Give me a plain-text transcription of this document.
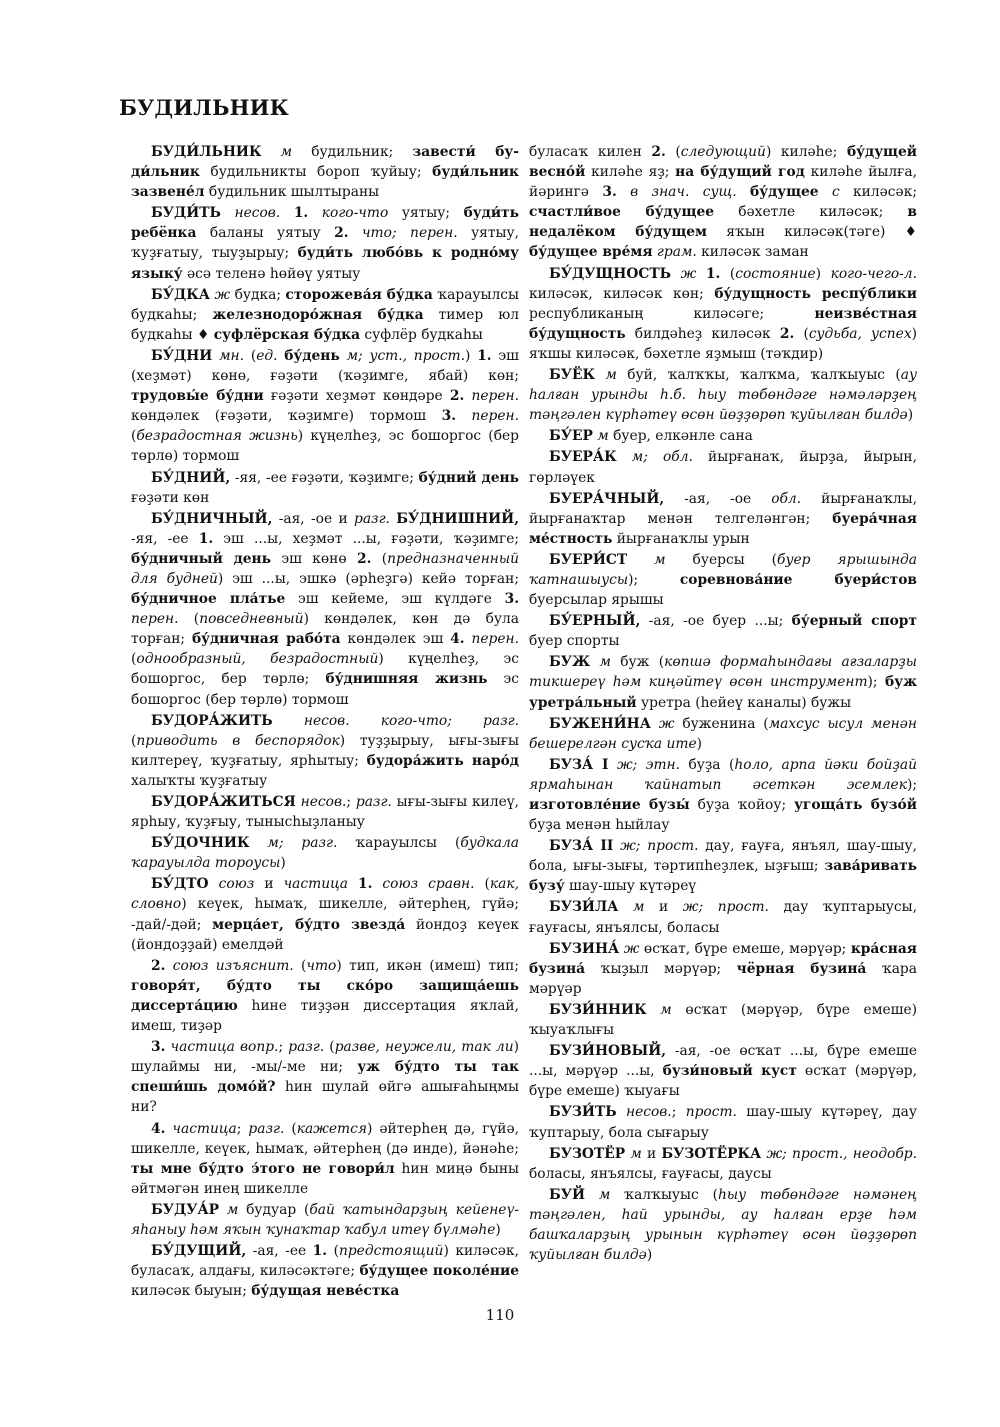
БУДИЛЬНИК

БУДИ́ЛЬНИК м будильник; завести́ буди́льник будильникты бороп ҡуйыу; буди́льник зазвене́л будильник шылтыраны

БУДИ́ТЬ несов. 1. кого-что уятыу; буди́ть ребёнка баланы уятыу 2. что; перен. уятыу, ҡуҙғатыу, тыуҙырыу; буди́ть любо́вь к родно́му языку́ әсә теленә һөйөү уятыу

БУ́ДКА ж будка; сторожева́я бу́дка ҡарауылсы будкаһы; железнодоро́жная бу́дка тимер юл будкаһы ♦ суфлёрская бу́дка суфлёр будкаһы

БУ́ДНИ мн. (ед. бу́день м; уст., прост.) 1. эш (хеҙмәт) көнө, ғәҙәти (ҡәҙимге, ябай) көн; трудовы́е бу́дни ғәҙәти хеҙмәт көндәре 2. перен. көндәлек (ғәҙәти, ҡәҙимге) тормош 3. перен. (безрадостная жизнь) күңелһеҙ, эс бошоргос (бер төрлө) тормош

БУ́ДНИЙ, -яя, -ее ғәҙәти, ҡәҙимге; бу́дний день ғәҙәти көн

БУ́ДНИЧНЫЙ, -ая, -ое и разг. БУ́ДНИШНИЙ, -яя, -ее 1. эш ...ы, хеҙмәт ...ы, ғәҙәти, ҡәҙимге; бу́дничный день эш көнө 2. (предназначенный для будней) эш ...ы, эшкә (әрһеҙгә) кейә торған; бу́дничное пла́тье эш кейеме, эш күлдәге 3. перен. (повседневный) көндәлек, көн дә була торған; бу́дничная рабо́та көндәлек эш 4. перен. (однообразный, безрадостный) күңелһеҙ, эс бошоргос, бер төрлө; бу́днишняя жизнь эс бошоргос (бер төрлө) тормош

БУДОРА́ЖИТЬ несов. кого-что; разг. (приводить в беспорядок) туҙҙырыу, ығы-зығы килтереү, ҡуҙғатыу, ярһытыу; будора́жить наро́д халыҡты ҡуҙғатыу

БУДОРА́ЖИТЬСЯ несов.; разг. ығы-зығы килеү, ярһыу, ҡуҙғыу, тынысһыҙланыу

БУ́ДОЧНИК м; разг. ҡарауылсы (будкала ҡарауылда тороусы)

БУ́ДТО союз и частица 1. союз сравн. (как, словно) кеүек, һымаҡ, шикелле, әйтерһең, гүйә; -дай/-дәй; мерца́ет, бу́дто звезда́ йондоҙ кеүек (йондоҙҙай) емелдәй

2. союз изъяснит. (что) тип, икән (имеш) тип; говоря́т, бу́дто ты ско́ро защища́ешь диссерта́цию һине тиҙҙән диссертация яҡлай, имеш, тиҙәр

3. частица вопр.; разг. (разве, неужели, так ли) шулаймы ни, -мы/-ме ни; уж бу́дто ты так спеши́шь домо́й? һин шулай өйгә ашығаһыңмы ни?

4. частица; разг. (кажется) әйтерһең дә, гүйә, шикелле, кеүек, һымаҡ, әйтерһең (дә инде), йәнәһе; ты мне бу́дто э́того не говори́л һин миңә быны әйтмәгән инең шикелле

БУДУА́Р м будуар (бай ҡатындарҙың кейенеү-яһаныу һәм яҡын ҡунаҡтар ҡабул итеү бүлмәһе)

БУ́ДУЩИЙ, -ая, -ее 1. (предстоящий) киләсәк, буласаҡ, алдағы, киләсәктәге; бу́дущее поколе́ние киләсәк быуын; бу́дущая неве́стка

буласаҡ килен 2. (следующий) киләһе; бу́дущей весно́й киләһе яҙ; на бу́дущий год киләһе йылға, йәрингә 3. в знач. сущ. бу́дущее с киләсәк; счастли́вое бу́дущее бәхетле киләсәк; в недалёком бу́дущем яҡын киләсәк(тәге) ♦ бу́дущее вре́мя грам. киләсәк заман

БУ́ДУЩНОСТЬ ж 1. (состояние) кого-чего-л. киләсәк, киләсәк көн; бу́дущность респу́блики республиканың киләсәге; неизве́стная бу́дущность билдәһеҙ киләсәк 2. (судьба, успех) яҡшы киләсәк, бәхетле яҙмыш (тәҡдир)

БУЁК м буй, ҡалҡҡы, ҡалҡма, ҡалҡыуыс (ау һалған урынды һ.б. һыу төбөндәге нәмәләрҙең тәңгәлен күрһәтеү өсөн йөҙҙөрөп ҡуйылған билдә)

БУ́ЕР м буер, елкәнле сана

БУЕРА́К м; обл. йырғанаҡ, йырҙа, йырын, гөрләүек

БУЕРА́ЧНЫЙ, -ая, -ое обл. йырғанаҡлы, йырғанаҡтар менән телгеләнгән; буера́чная ме́стность йырғанаҡлы урын

БУЕРИ́СТ м буерсы (буер ярышында ҡатнашыусы); соревнова́ние буери́стов буерсылар ярышы

БУ́ЕРНЫЙ, -ая, -ое буер ...ы; бу́ерный спорт буер спорты

БУЖ м буж (көпшә формаһындағы ағзаларҙы тикшереү һәм киңәйтеү өсөн инструмент); буж уретра́льный уретра (һейеү каналы) бужы

БУЖЕНИ́НА ж буженина (махсус ысул менән бешерелгән сусҡа ите)

БУЗА́ I ж; этн. буҙа (һоло, арпа йәки бойҙай ярмаһынан ҡайнатып әсеткән эсемлек); изготовле́ние бузы́ буҙа ҡойоу; угоща́ть бузо́й буҙа менән һыйлау

БУЗА́ II ж; прост. дау, ғауға, янъял, шау-шыу, бола, ығы-зығы, тәртипһеҙлек, ыҙғыш; зава́ривать бузу́ шау-шыу күтәреү

БУЗИ́ЛА м и ж; прост. дау ҡуптарыусы, ғауғасы, янъялсы, боласы

БУЗИНА́ ж өсҡат, бүре емеше, мәрүәр; кра́сная бузина́ ҡыҙыл мәрүәр; чёрная бузина́ ҡара мәрүәр

БУЗИ́ННИК м өсҡат (мәрүәр, бүре емеше) ҡыуаҡлығы

БУЗИ́НОВЫЙ, -ая, -ое өсҡат ...ы, бүре емеше ...ы, мәрүәр ...ы, бузи́новый куст өсҡат (мәрүәр, бүре емеше) ҡыуағы

БУЗИ́ТЬ несов.; прост. шау-шыу күтәреү, дау ҡуптарыу, бола сығарыу

БУЗОТЁР м и БУЗОТЁРКА ж; прост., неодобр. боласы, янъялсы, ғауғасы, даусы

БУЙ м ҡалҡыуыс (һыу төбөндәге нәмәнең тәңгәлен, һай урынды, ау һалған ерҙе һәм башҡаларҙың урынын күрһәтеү өсөн йөҙҙөрөп ҡуйылған билдә)

110
